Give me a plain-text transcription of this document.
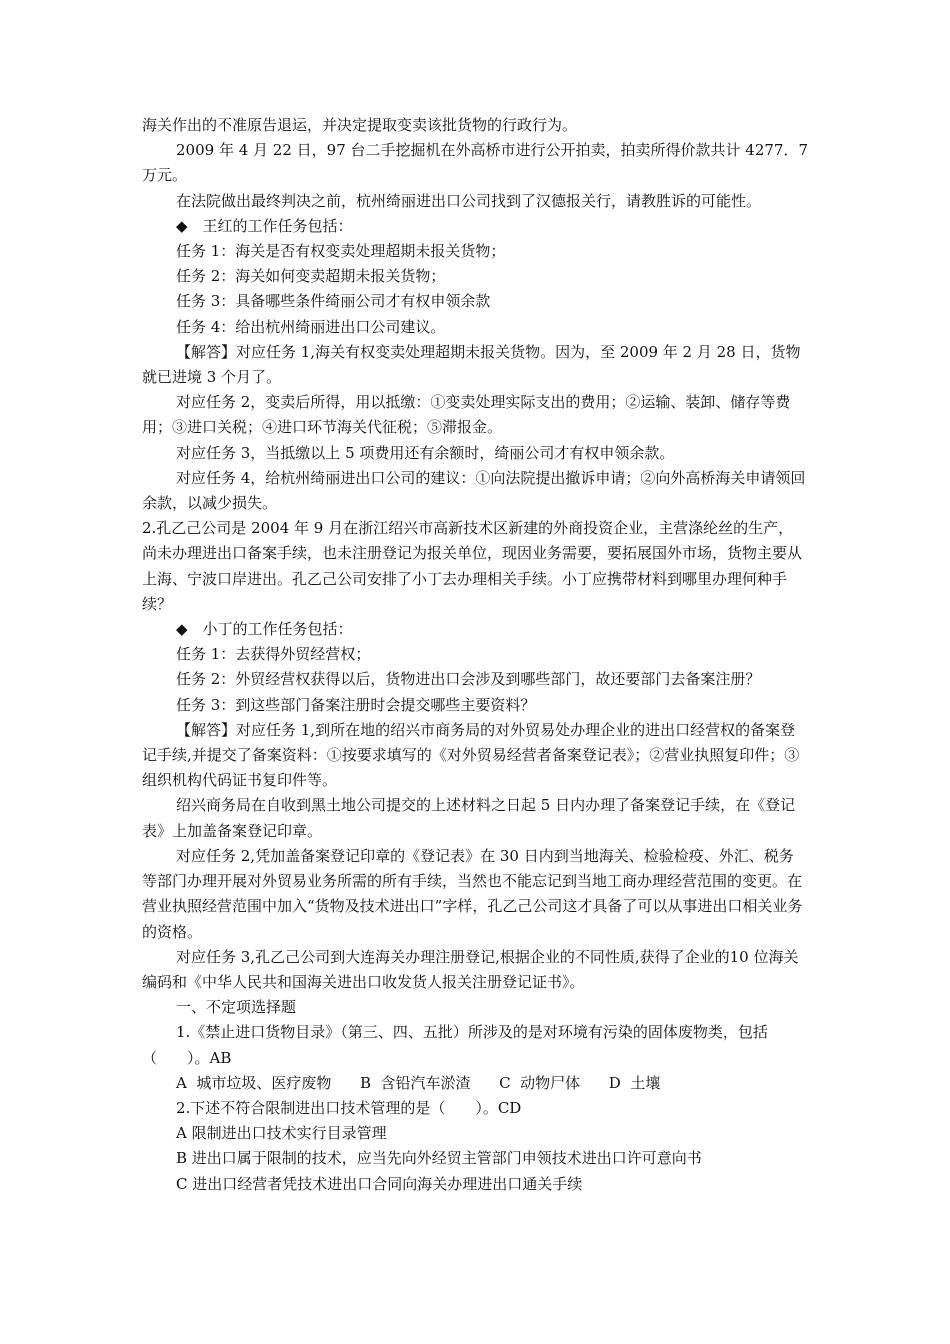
海关作出的不准原告退运，并决定提取变卖该批货物的行政行为。

2009 年 4 月 22 日，97 台二手挖掘机在外高桥市进行公开拍卖，拍卖所得价款共计 4277．7 万元。

在法院做出最终判决之前，杭州绮丽进出口公司找到了汉德报关行，请教胜诉的可能性。

◆　王红的工作任务包括：

任务 1：海关是否有权变卖处理超期未报关货物；

任务 2：海关如何变卖超期未报关货物；

任务 3：具备哪些条件绮丽公司才有权申领余款

任务 4：给出杭州绮丽进出口公司建议。

【解答】对应任务 1,海关有权变卖处理超期未报关货物。因为，至 2009 年 2 月 28 日，货物就已进境 3 个月了。

对应任务 2，变卖后所得，用以抵缴：①变卖处理实际支出的费用；②运输、装卸、储存等费用；③进口关税；④进口环节海关代征税；⑤滞报金。

对应任务 3，当抵缴以上 5 项费用还有余额时，绮丽公司才有权申领余款。

对应任务 4，给杭州绮丽进出口公司的建议：①向法院提出撤诉申请；②向外高桥海关申请领回余款，以减少损失。

2.孔乙己公司是 2004 年 9 月在浙江绍兴市高新技术区新建的外商投资企业，主营涤纶丝的生产，尚未办理进出口备案手续，也未注册登记为报关单位，现因业务需要，要拓展国外市场，货物主要从上海、宁波口岸进出。孔乙己公司安排了小丁去办理相关手续。小丁应携带材料到哪里办理何种手续？

◆　小丁的工作任务包括：

任务 1：去获得外贸经营权；

任务 2：外贸经营权获得以后，货物进出口会涉及到哪些部门，故还要部门去备案注册？

任务 3：到这些部门备案注册时会提交哪些主要资料？

【解答】对应任务 1,到所在地的绍兴市商务局的对外贸易处办理企业的进出口经营权的备案登记手续,并提交了备案资料：①按要求填写的《对外贸易经营者备案登记表》；②营业执照复印件；③组织机构代码证书复印件等。

绍兴商务局在自收到黑土地公司提交的上述材料之日起 5 日内办理了备案登记手续，在《登记表》上加盖备案登记印章。

对应任务 2,凭加盖备案登记印章的《登记表》在 30 日内到当地海关、检验检疫、外汇、税务等部门办理开展对外贸易业务所需的所有手续，当然也不能忘记到当地工商办理经营范围的变更。在营业执照经营范围中加入“货物及技术进出口”字样，孔乙己公司这才具备了可以从事进出口相关业务的资格。

对应任务 3,孔乙己公司到大连海关办理注册登记,根据企业的不同性质,获得了企业的10 位海关编码和《中华人民共和国海关进出口收发货人报关注册登记证书》。

一、不定项选择题

1.《禁止进口货物目录》（第三、四、五批）所涉及的是对环境有污染的固体废物类，包括（　　）。AB

A  城市垃圾、医疗废物      B  含铅汽车淤渣      C  动物尸体      D  土壤

2.下述不符合限制进出口技术管理的是（　　）。CD

A 限制进出口技术实行目录管理

B 进出口属于限制的技术，应当先向外经贸主管部门申领技术进出口许可意向书

C 进出口经营者凭技术进出口合同向海关办理进出口通关手续
